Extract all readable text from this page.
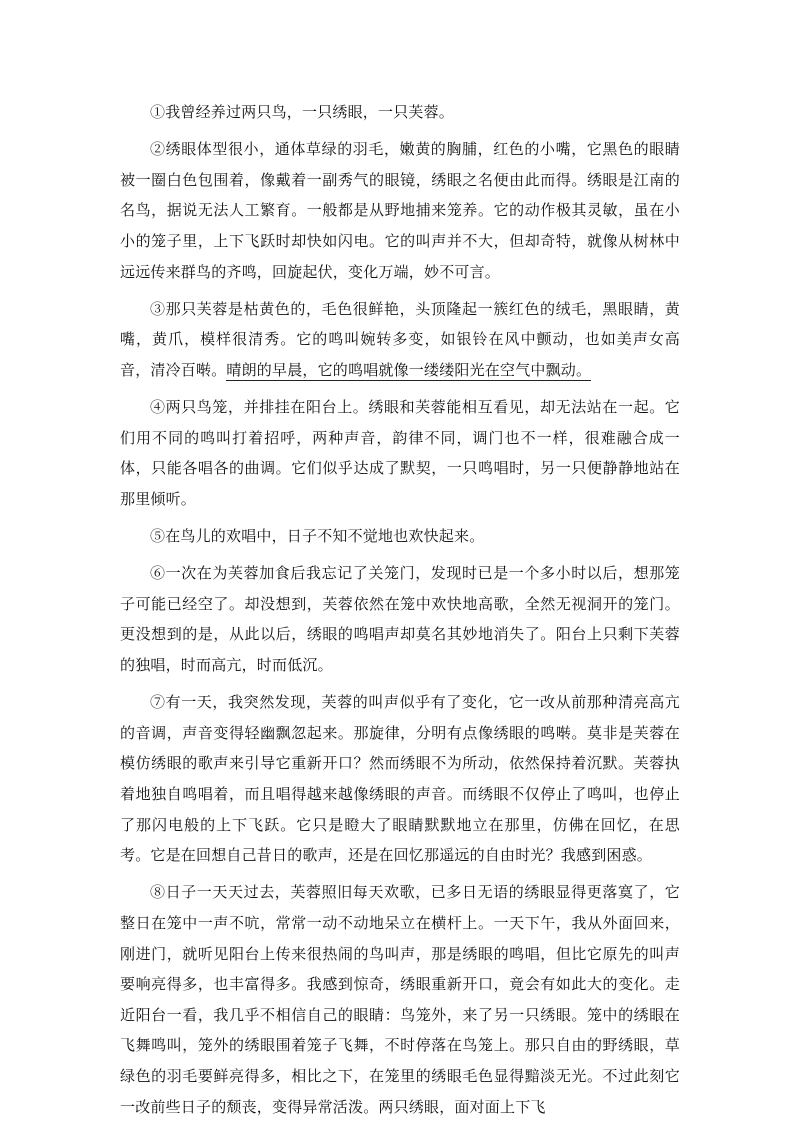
①我曾经养过两只鸟，一只绣眼，一只芙蓉。

②绣眼体型很小，通体草绿的羽毛，嫩黄的胸脯，红色的小嘴，它黑色的眼睛被一圈白色包围着，像戴着一副秀气的眼镜，绣眼之名便由此而得。绣眼是江南的名鸟，据说无法人工繁育。一般都是从野地捕来笼养。它的动作极其灵敏，虽在小小的笼子里，上下飞跃时却快如闪电。它的叫声并不大，但却奇特，就像从树林中远远传来群鸟的齐鸣，回旋起伏，变化万端，妙不可言。

③那只芙蓉是枯黄色的，毛色很鲜艳，头顶隆起一簇红色的绒毛，黑眼睛，黄嘴，黄爪，模样很清秀。它的鸣叫婉转多变，如银铃在风中颤动，也如美声女高音，清冷百啭。晴朗的早晨，它的鸣唱就像一缕缕阳光在空气中飘动。

④两只鸟笼，并排挂在阳台上。绣眼和芙蓉能相互看见，却无法站在一起。它们用不同的鸣叫打着招呼，两种声音，韵律不同，调门也不一样，很难融合成一体，只能各唱各的曲调。它们似乎达成了默契，一只鸣唱时，另一只便静静地站在那里倾听。

⑤在鸟儿的欢唱中，日子不知不觉地也欢快起来。

⑥一次在为芙蓉加食后我忘记了关笼门，发现时已是一个多小时以后，想那笼子可能已经空了。却没想到，芙蓉依然在笼中欢快地高歌，全然无视洞开的笼门。更没想到的是，从此以后，绣眼的鸣唱声却莫名其妙地消失了。阳台上只剩下芙蓉的独唱，时而高亢，时而低沉。

⑦有一天，我突然发现，芙蓉的叫声似乎有了变化，它一改从前那种清亮高亢的音调，声音变得轻幽飘忽起来。那旋律，分明有点像绣眼的鸣啭。莫非是芙蓉在模仿绣眼的歌声来引导它重新开口？然而绣眼不为所动，依然保持着沉默。芙蓉执着地独自鸣唱着，而且唱得越来越像绣眼的声音。而绣眼不仅停止了鸣叫，也停止了那闪电般的上下飞跃。它只是瞪大了眼睛默默地立在那里，仿佛在回忆，在思考。它是在回想自己昔日的歌声，还是在回忆那遥远的自由时光？我感到困惑。

⑧日子一天天过去，芙蓉照旧每天欢歌，已多日无语的绣眼显得更落寞了，它整日在笼中一声不吭，常常一动不动地呆立在横杆上。一天下午，我从外面回来，刚进门，就听见阳台上传来很热闹的鸟叫声，那是绣眼的鸣唱，但比它原先的叫声要响亮得多，也丰富得多。我感到惊奇，绣眼重新开口，竟会有如此大的变化。走近阳台一看，我几乎不相信自己的眼睛：鸟笼外，来了另一只绣眼。笼中的绣眼在飞舞鸣叫，笼外的绣眼围着笼子飞舞，不时停落在鸟笼上。那只自由的野绣眼，草绿色的羽毛要鲜亮得多，相比之下，在笼里的绣眼毛色显得黯淡无光。不过此刻它一改前些日子的颓丧，变得异常活泼。两只绣眼，面对面上下飞
